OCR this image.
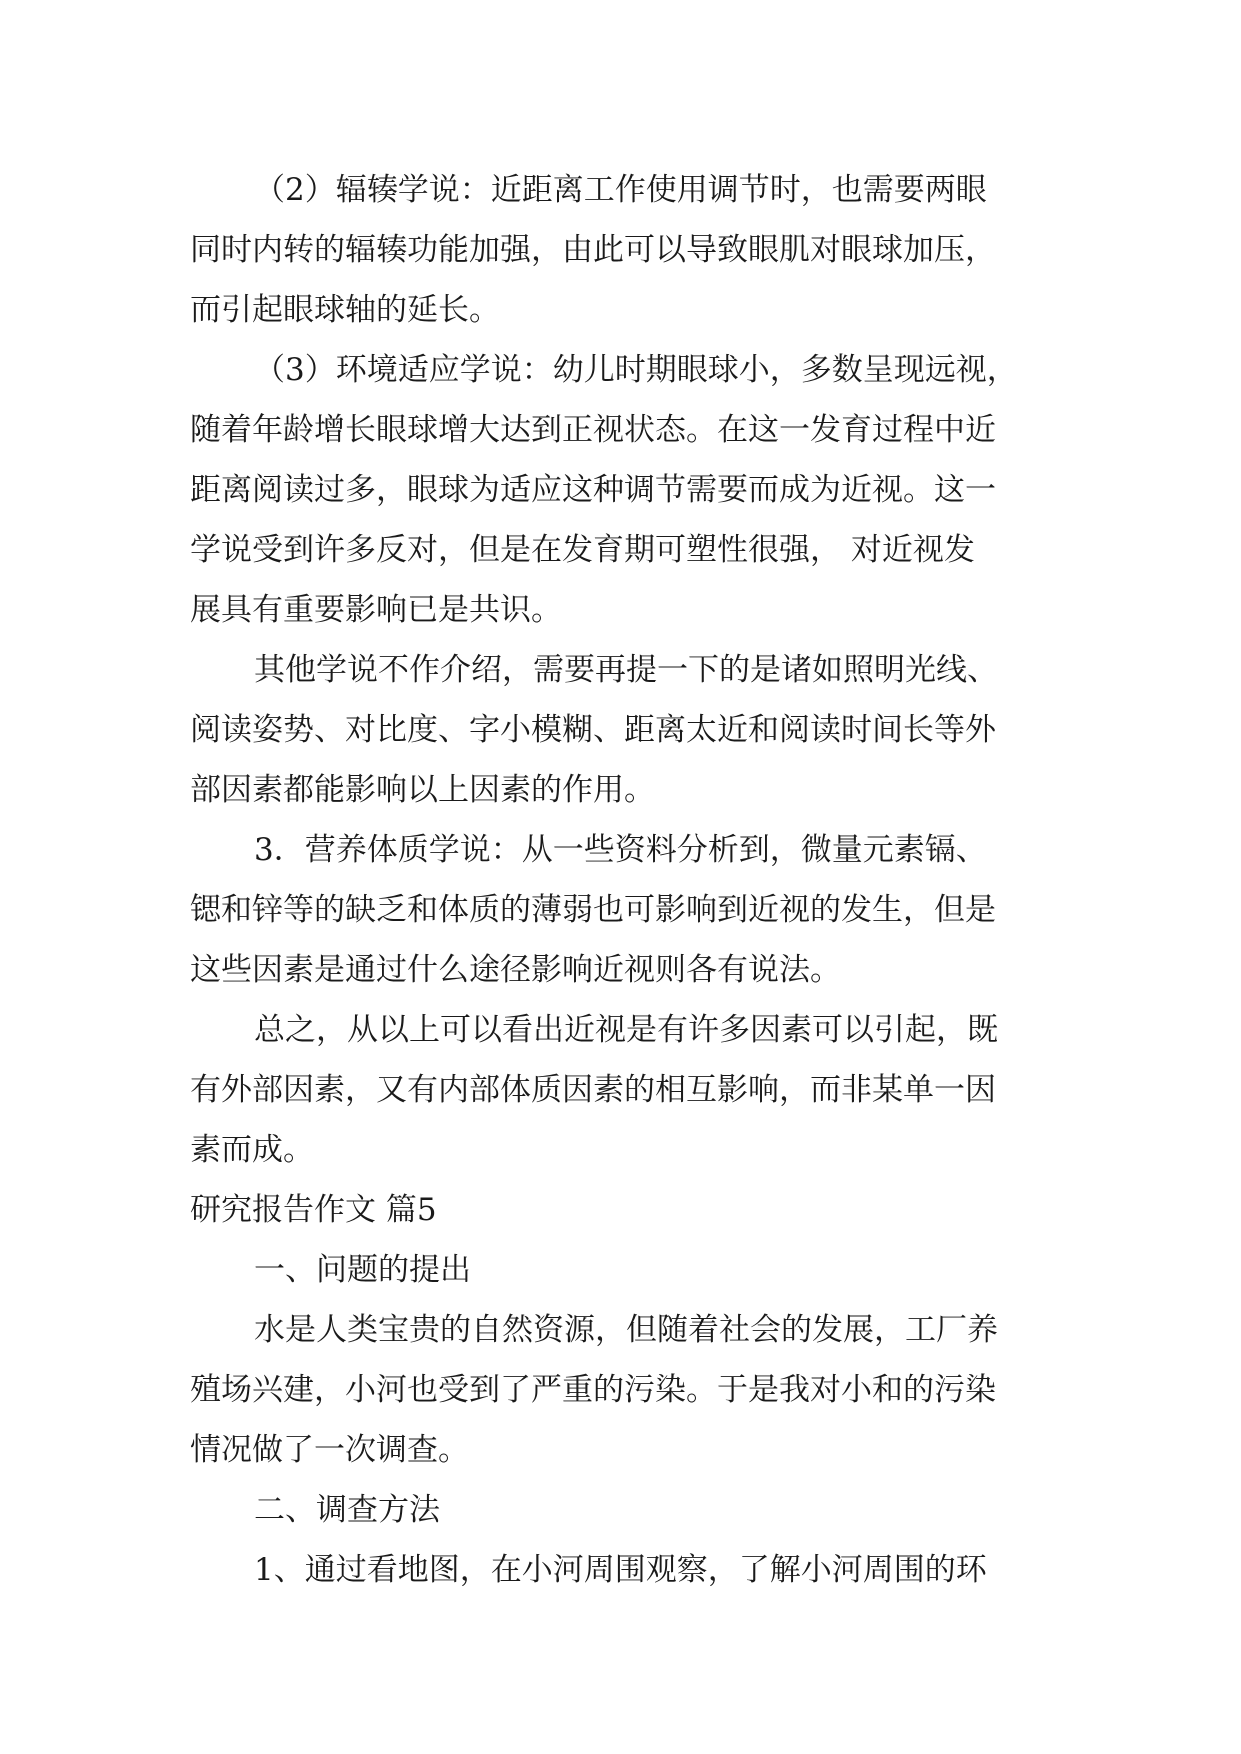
（2）辐辏学说：近距离工作使用调节时，也需要两眼
同时内转的辐辏功能加强，由此可以导致眼肌对眼球加压，
而引起眼球轴的延长。
（3）环境适应学说：幼儿时期眼球小，多数呈现远视，
随着年龄增长眼球增大达到正视状态。在这一发育过程中近
距离阅读过多，眼球为适应这种调节需要而成为近视。这一
学说受到许多反对，但是在发育期可塑性很强， 对近视发
展具有重要影响已是共识。
其他学说不作介绍，需要再提一下的是诸如照明光线、
阅读姿势、对比度、字小模糊、距离太近和阅读时间长等外
部因素都能影响以上因素的作用。
3．营养体质学说：从一些资料分析到，微量元素镉、
锶和锌等的缺乏和体质的薄弱也可影响到近视的发生，但是
这些因素是通过什么途径影响近视则各有说法。
总之，从以上可以看出近视是有许多因素可以引起，既
有外部因素，又有内部体质因素的相互影响，而非某单一因
素而成。
研究报告作文 篇5
一、问题的提出
水是人类宝贵的自然资源，但随着社会的发展，工厂养
殖场兴建，小河也受到了严重的污染。于是我对小和的污染
情况做了一次调查。
二、调查方法
1、通过看地图，在小河周围观察，了解小河周围的环
